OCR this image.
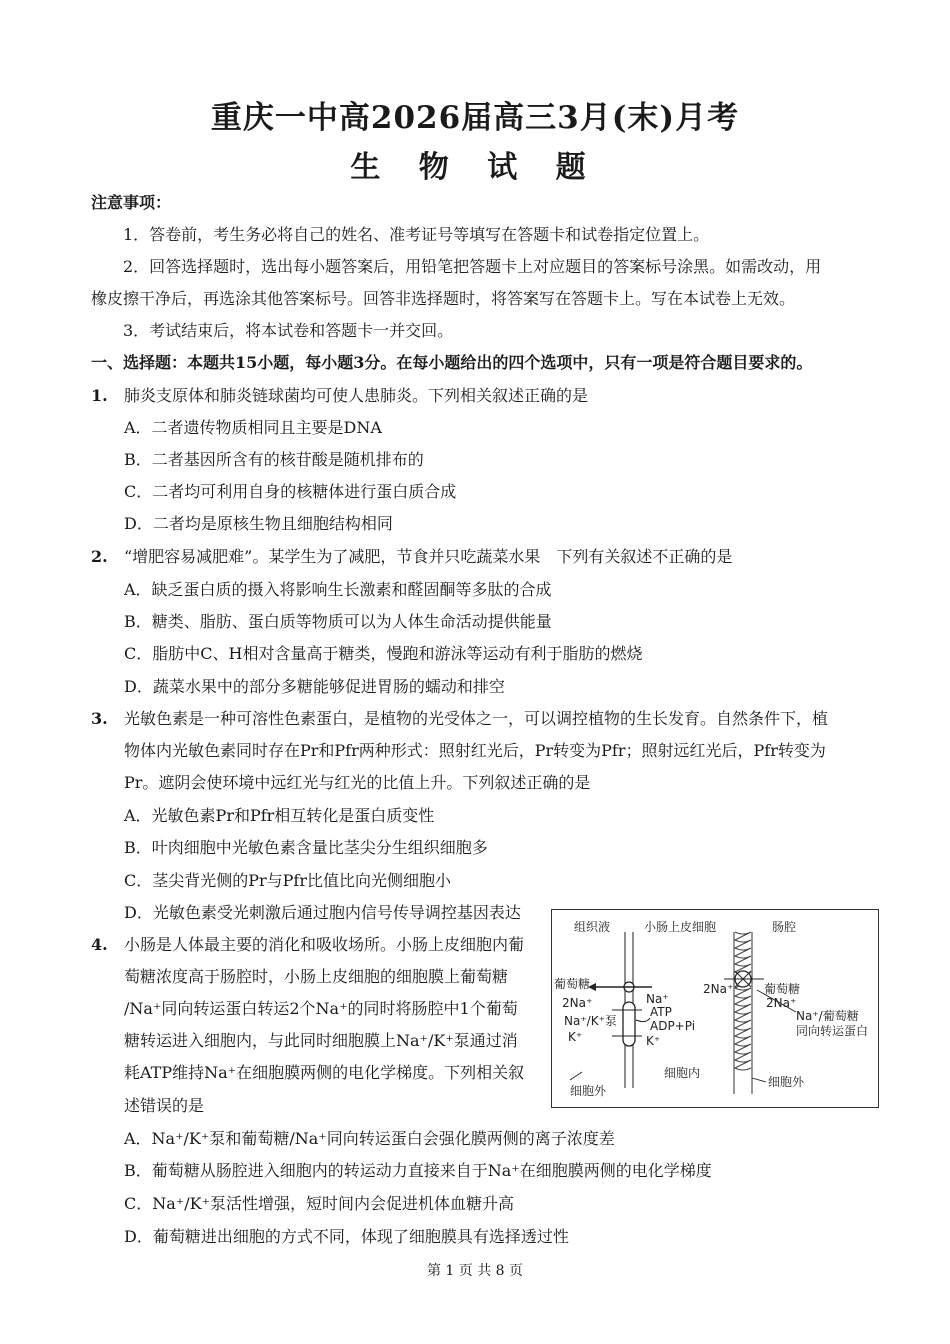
重庆一中高2026届高三3月(末)月考
生 物 试 题
注意事项：
1．答卷前，考生务必将自己的姓名、准考证号等填写在答题卡和试卷指定位置上。
2．回答选择题时，选出每小题答案后，用铅笔把答题卡上对应题目的答案标号涂黑。如需改动，用
橡皮擦干净后，再选涂其他答案标号。回答非选择题时，将答案写在答题卡上。写在本试卷上无效。
3．考试结束后，将本试卷和答题卡一并交回。
一、选择题：本题共15小题，每小题3分。在每小题给出的四个选项中，只有一项是符合题目要求的。
1. 肺炎支原体和肺炎链球菌均可使人患肺炎。下列相关叙述正确的是
A．二者遗传物质相同且主要是DNA
B．二者基因所含有的核苷酸是随机排布的
C．二者均可利用自身的核糖体进行蛋白质合成
D．二者均是原核生物且细胞结构相同
2. “增肥容易减肥难”。某学生为了减肥，节食并只吃蔬菜水果　下列有关叙述不正确的是
A．缺乏蛋白质的摄入将影响生长激素和醛固酮等多肽的合成
B．糖类、脂肪、蛋白质等物质可以为人体生命活动提供能量
C．脂肪中C、H相对含量高于糖类，慢跑和游泳等运动有利于脂肪的燃烧
D．蔬菜水果中的部分多糖能够促进胃肠的蠕动和排空
3. 光敏色素是一种可溶性色素蛋白，是植物的光受体之一，可以调控植物的生长发育。自然条件下，植
物体内光敏色素同时存在Pr和Pfr两种形式：照射红光后，Pr转变为Pfr；照射远红光后，Pfr转变为
Pr。遮阴会使环境中远红光与红光的比值上升。下列叙述正确的是
A．光敏色素Pr和Pfr相互转化是蛋白质变性
B．叶肉细胞中光敏色素含量比茎尖分生组织细胞多
C．茎尖背光侧的Pr与Pfr比值比向光侧细胞小
D．光敏色素受光刺激后通过胞内信号传导调控基因表达
4. 小肠是人体最主要的消化和吸收场所。小肠上皮细胞内葡
萄糖浓度高于肠腔时，小肠上皮细胞的细胞膜上葡萄糖
/Na⁺同向转运蛋白转运2个Na⁺的同时将肠腔中1个葡萄
糖转运进入细胞内，与此同时细胞膜上Na⁺/K⁺泵通过消
耗ATP维持Na⁺在细胞膜两侧的电化学梯度。下列相关叙
述错误的是
A．Na⁺/K⁺泵和葡萄糖/Na⁺同向转运蛋白会强化膜两侧的离子浓度差
B．葡萄糖从肠腔进入细胞内的转运动力直接来自于Na⁺在细胞膜两侧的电化学梯度
C．Na⁺/K⁺泵活性增强，短时间内会促进机体血糖升高
D．葡萄糖进出细胞的方式不同，体现了细胞膜具有选择透过性
组织液	小肠上皮细胞	肠腔
葡萄糖
2Na⁺
Na⁺/K⁺泵
K⁺
Na⁺
ATP
ADP+Pi
K⁺
葡萄糖
2Na⁺
2Na⁺
Na⁺/葡萄糖
同向转运蛋白
细胞内
细胞外
细胞外
第 1 页 共 8 页
